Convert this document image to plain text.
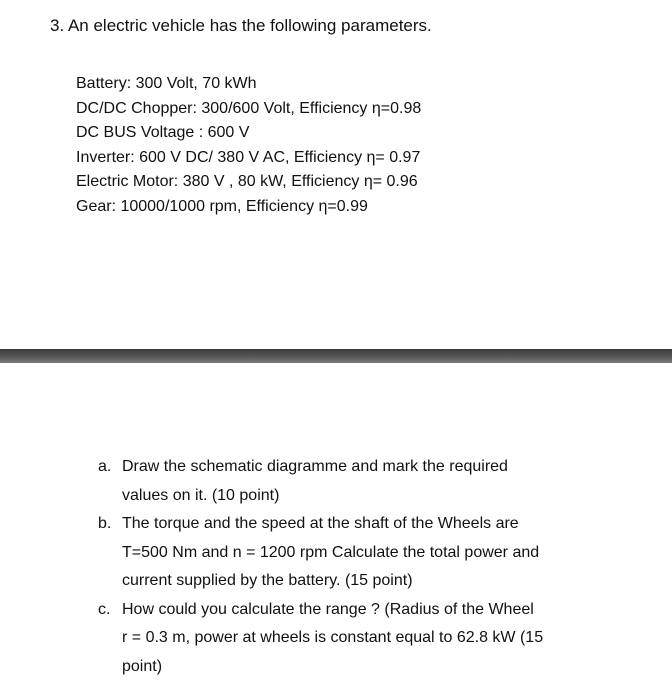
3. An electric vehicle has the following parameters.
Battery: 300 Volt, 70 kWh
DC/DC Chopper: 300/600 Volt, Efficiency η=0.98
DC BUS Voltage : 600 V
Inverter: 600 V DC/ 380 V AC, Efficiency η= 0.97
Electric Motor: 380 V , 80 kW, Efficiency η= 0.96
Gear: 10000/1000 rpm, Efficiency η=0.99
a. Draw the schematic diagramme and mark the required
values on it. (10 point)
b. The torque and the speed at the shaft of the Wheels are
T=500 Nm and n = 1200 rpm Calculate the total power and
current supplied by the battery. (15 point)
c. How could you calculate the range ? (Radius of the Wheel
r = 0.3 m, power at wheels is constant equal to 62.8 kW (15
point)
